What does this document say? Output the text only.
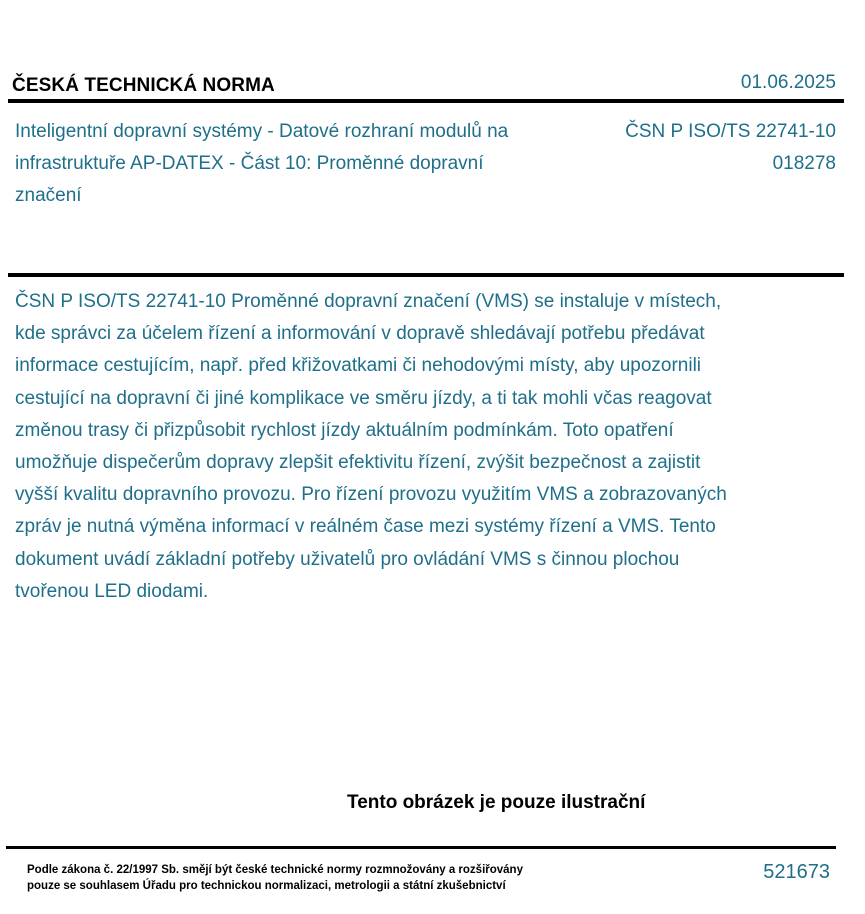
ČESKÁ TECHNICKÁ NORMA	01.06.2025
Inteligentní dopravní systémy - Datové rozhraní modulů na infrastruktuře AP-DATEX - Část 10: Proměnné dopravní značení
ČSN P ISO/TS 22741-10
018278
ČSN P ISO/TS 22741-10 Proměnné dopravní značení (VMS) se instaluje v místech, kde správci za účelem řízení a informování v dopravě shledávají potřebu předávat informace cestujícím, např. před křižovatkami či nehodovými místy, aby upozornili cestující na dopravní či jiné komplikace ve směru jízdy, a ti tak mohli včas reagovat změnou trasy či přizpůsobit rychlost jízdy aktuálním podmínkám. Toto opatření umožňuje dispečerům dopravy zlepšit efektivitu řízení, zvýšit bezpečnost a zajistit vyšší kvalitu dopravního provozu. Pro řízení provozu využitím VMS a zobrazovaných zpráv je nutná výměna informací v reálném čase mezi systémy řízení a VMS. Tento dokument uvádí základní potřeby uživatelů pro ovládání VMS s činnou plochou tvořenou LED diodami.
Tento obrázek je pouze ilustrační
Podle zákona č. 22/1997 Sb. smějí být české technické normy rozmnožovány a rozšiřovány
pouze se souhlasem Úřadu pro technickou normalizaci, metrologii a státní zkušebnictví
521673
